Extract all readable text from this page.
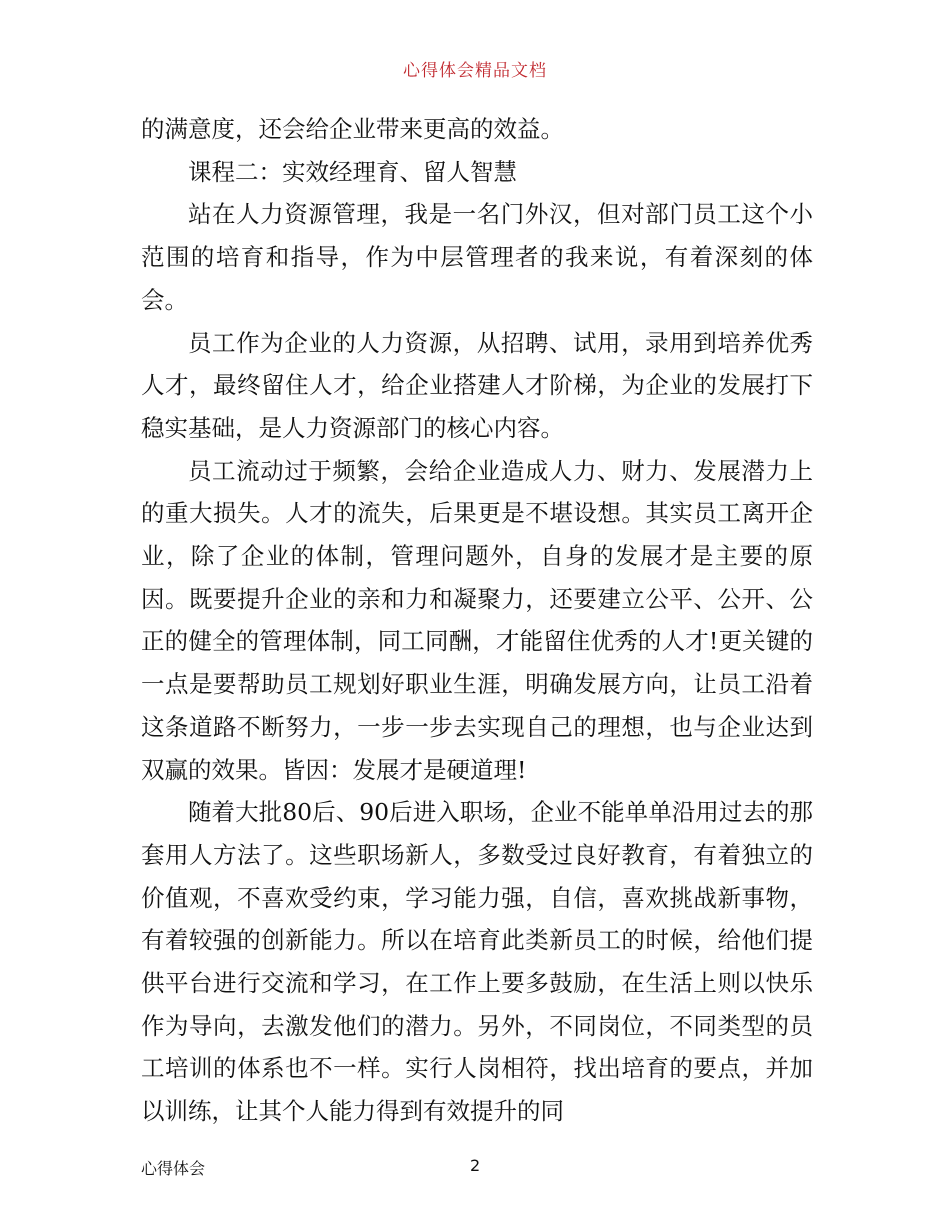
心得体会精品文档

的满意度，还会给企业带来更高的效益。

课程二：实效经理育、留人智慧

站在人力资源管理，我是一名门外汉，但对部门员工这个小范围的培育和指导，作为中层管理者的我来说，有着深刻的体会。

员工作为企业的人力资源，从招聘、试用，录用到培养优秀人才，最终留住人才，给企业搭建人才阶梯，为企业的发展打下稳实基础，是人力资源部门的核心内容。

员工流动过于频繁，会给企业造成人力、财力、发展潜力上的重大损失。人才的流失，后果更是不堪设想。其实员工离开企业，除了企业的体制，管理问题外，自身的发展才是主要的原因。既要提升企业的亲和力和凝聚力，还要建立公平、公开、公正的健全的管理体制，同工同酬，才能留住优秀的人才!更关键的一点是要帮助员工规划好职业生涯，明确发展方向，让员工沿着这条道路不断努力，一步一步去实现自己的理想，也与企业达到双赢的效果。皆因：发展才是硬道理!

随着大批80后、90后进入职场，企业不能单单沿用过去的那套用人方法了。这些职场新人，多数受过良好教育，有着独立的价值观，不喜欢受约束，学习能力强，自信，喜欢挑战新事物，有着较强的创新能力。所以在培育此类新员工的时候，给他们提供平台进行交流和学习，在工作上要多鼓励，在生活上则以快乐作为导向，去激发他们的潜力。另外，不同岗位，不同类型的员工培训的体系也不一样。实行人岗相符，找出培育的要点，并加以训练，让其个人能力得到有效提升的同

心得体会	2
